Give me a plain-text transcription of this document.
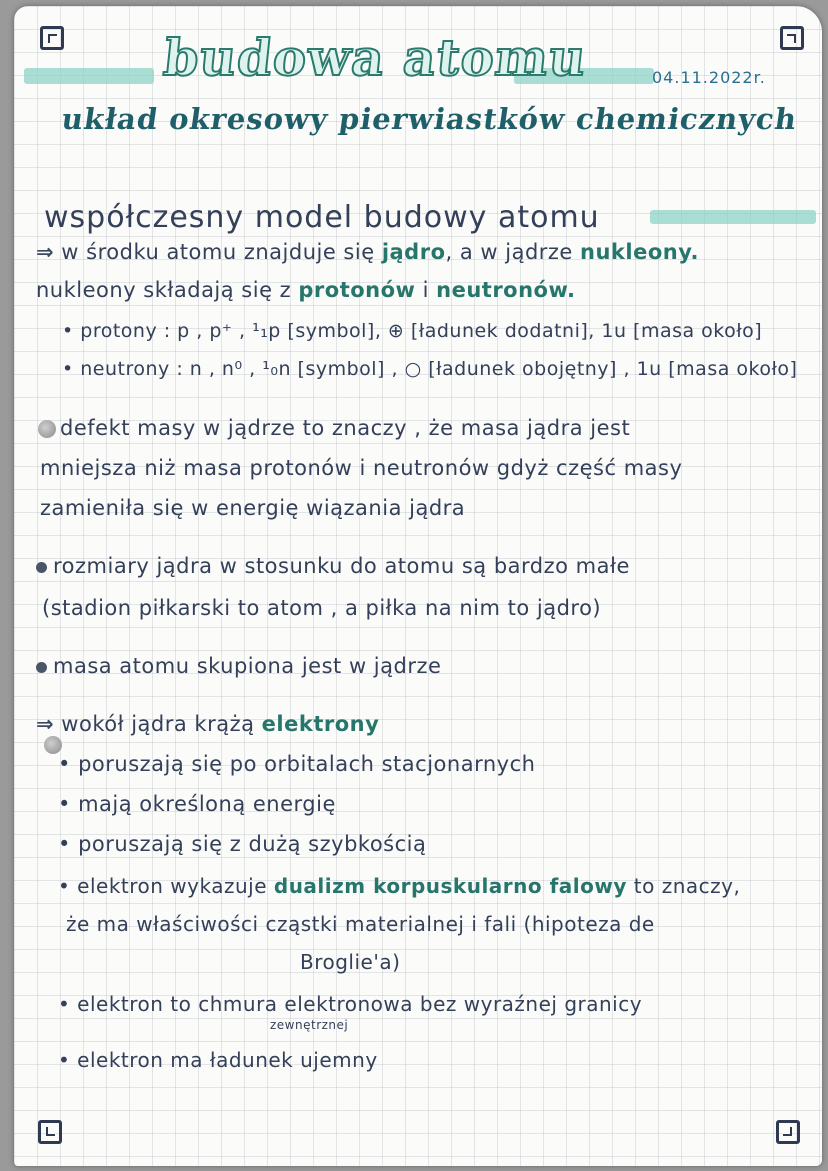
budowa atomu	04.11.2022r.
układ okresowy pierwiastków chemicznych
współczesny model budowy atomu
⇒ w środku atomu znajduje się jądro, a w jądrze nukleony.
nukleony składają się z protonów i neutronów.
• protony : p , p⁺ , ¹₁p [symbol], ⊕ [ładunek dodatni], 1u [masa około]
• neutrony : n , n⁰ , ¹₀n [symbol] , ○ [ładunek obojętny] , 1u [masa około]
defekt masy w jądrze to znaczy , że masa jądra jest
mniejsza niż masa protonów i neutronów gdyż część masy
zamieniła się w energię wiązania jądra
rozmiary jądra w stosunku do atomu są bardzo małe
(stadion piłkarski to atom , a piłka na nim to jądro)
masa atomu skupiona jest w jądrze
⇒ wokół jądra krążą elektrony
• poruszają się po orbitalach stacjonarnych
• mają określoną energię
• poruszają się z dużą szybkością
• elektron wykazuje dualizm korpuskularno falowy to znaczy,
że ma właściwości cząstki materialnej i fali (hipoteza de
Broglie'a)
• elektron to chmura elektronowa bez wyraźnej granicy
zewnętrznej
• elektron ma ładunek ujemny
